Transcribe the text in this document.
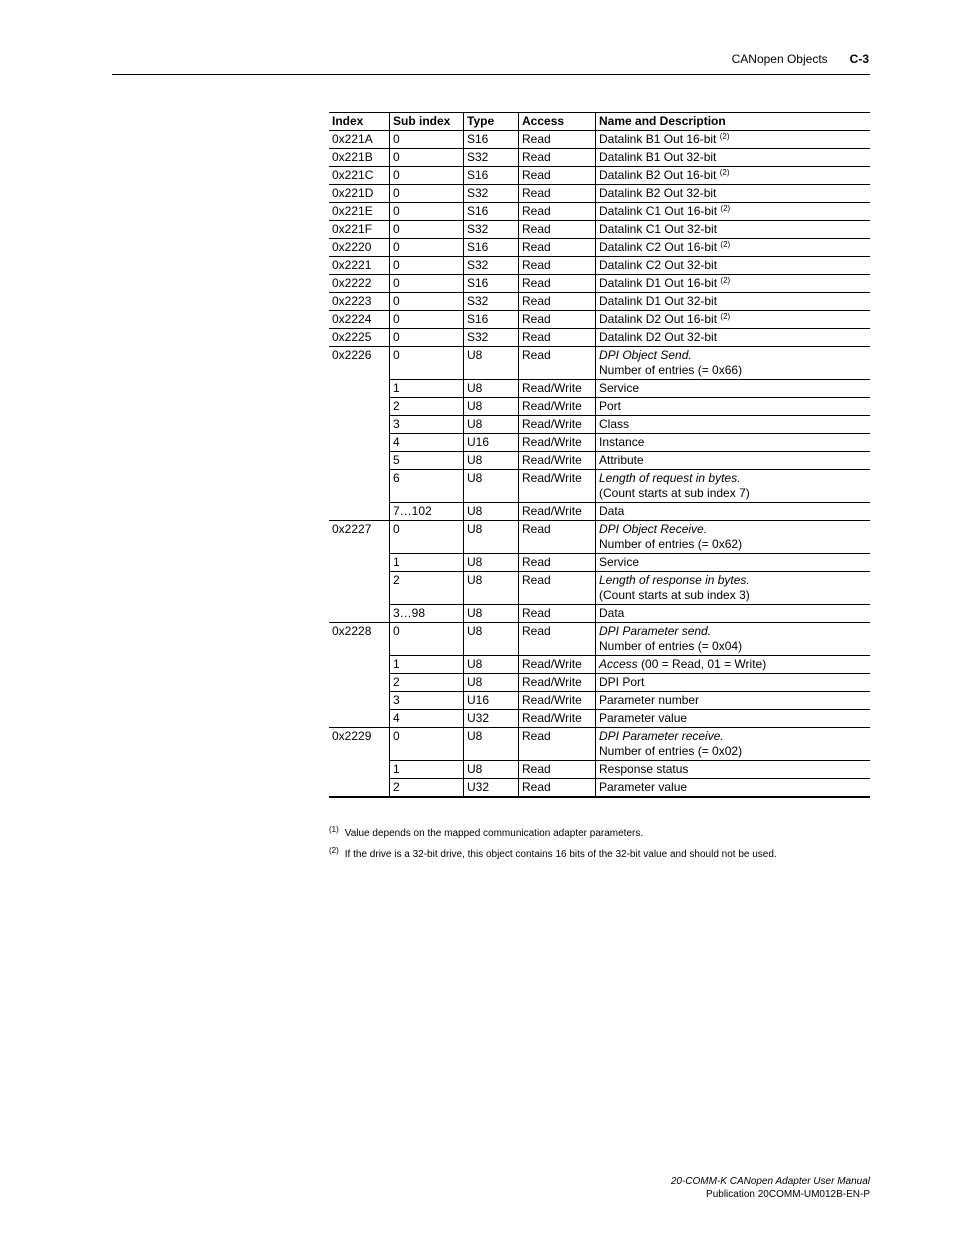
CANopen Objects C-3
Index	Sub index	Type	Access	Name and Description
0x221A	0	S16	Read	Datalink B1 Out 16-bit $^{(2)}$
0x221B	0	S32	Read	Datalink B1 Out 32-bit
0x221C	0	S16	Read	Datalink B2 Out 16-bit $^{(2)}$
0x221D	0	S32	Read	Datalink B2 Out 32-bit
0x221E	0	S16	Read	Datalink C1 Out 16-bit $^{(2)}$
0x221F	0	S32	Read	Datalink C1 Out 32-bit
0x2220	0	S16	Read	Datalink C2 Out 16-bit $^{(2)}$
0x2221	0	S32	Read	Datalink C2 Out 32-bit
0x2222	0	S16	Read	Datalink D1 Out 16-bit $^{(2)}$
0x2223	0	S32	Read	Datalink D1 Out 32-bit
0x2224	0	S16	Read	Datalink D2 Out 16-bit $^{(2)}$
0x2225	0	S32	Read	Datalink D2 Out 32-bit
0x2226	0	U8	Read	DPI Object Send.
Number of entries (= 0x66)

	1	U8	Read/Write	Service
	2	U8	Read/Write	Port
	3	U8	Read/Write	Class
	4	U16	Read/Write	Instance
	5	U8	Read/Write	Attribute
	6	U8	Read/Write	Length of request in bytes.
(Count starts at sub index 7)

	7…102	U8	Read/Write	Data
0x2227	0	U8	Read	DPI Object Receive.
Number of entries (= 0x62)

	1	U8	Read	Service
	2	U8	Read	Length of response in bytes.
(Count starts at sub index 3)

	3…98	U8	Read	Data
0x2228	0	U8	Read	DPI Parameter send.
Number of entries (= 0x04)

	1	U8	Read/Write	Access (00 = Read, 01 = Write)
	2	U8	Read/Write	DPI Port
	3	U16	Read/Write	Parameter number
	4	U32	Read/Write	Parameter value
0x2229	0	U8	Read	DPI Parameter receive.
Number of entries (= 0x02)

	1	U8	Read	Response status
	2	U32	Read	Parameter value
(1) Value depends on the mapped communication adapter parameters.
(2) If the drive is a 32-bit drive, this object contains 16 bits of the 32-bit value and should not be used.
20-COMM-K CANopen Adapter User Manual
Publication 20COMM-UM012B-EN-P
